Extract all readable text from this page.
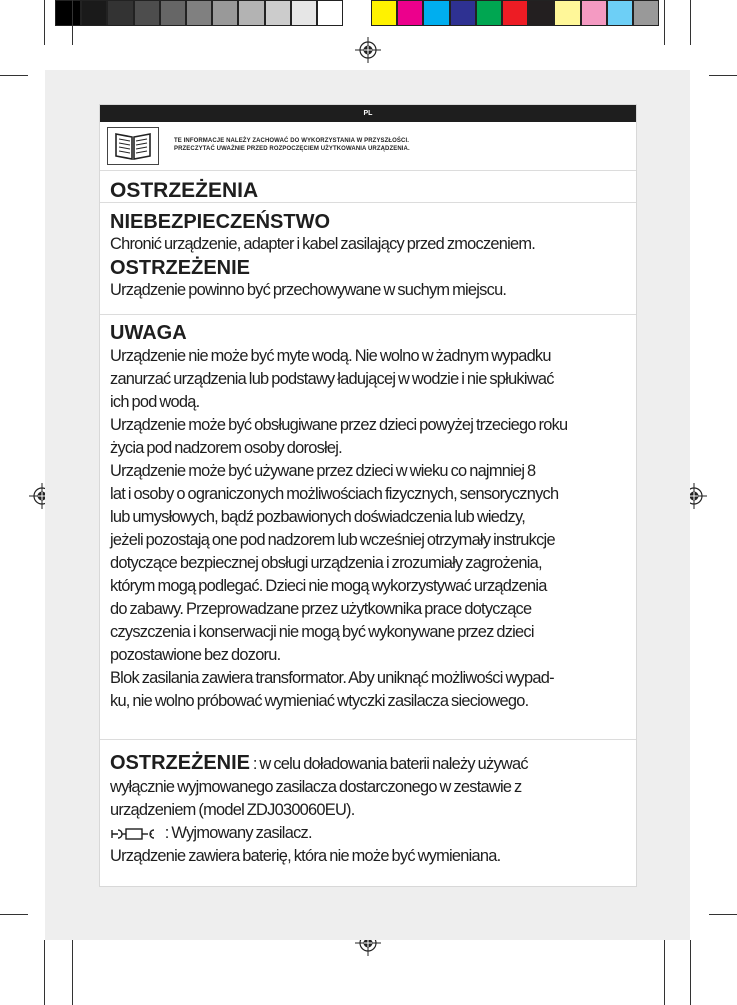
PL
TE INFORMACJE NALEŻY ZACHOWAĆ DO WYKORZYSTANIA W PRZYSZŁOŚCI.
PRZECZYTAĆ UWAŻNIE PRZED ROZPOCZĘCIEM UŻYTKOWANIA URZĄDZENIA.
OSTRZEŻENIA
NIEBEZPIECZEŃSTWO
Chronić urządzenie, adapter i kabel zasilający przed zmoczeniem.
OSTRZEŻENIE
Urządzenie powinno być przechowywane w suchym miejscu.
UWAGA

Urządzenie nie może być myte wodą. Nie wolno w żadnym wypadku

zanurzać urządzenia lub podstawy ładującej w wodzie i nie spłukiwać

ich pod wodą.

Urządzenie może być obsługiwane przez dzieci powyżej trzeciego roku

życia pod nadzorem osoby dorosłej.

Urządzenie może być używane przez dzieci w wieku co najmniej 8

lat i osoby o ograniczonych możliwościach fizycznych, sensorycznych

lub umysłowych, bądź pozbawionych doświadczenia lub wiedzy,

jeżeli pozostają one pod nadzorem lub wcześniej otrzymały instrukcje

dotyczące bezpiecznej obsługi urządzenia i zrozumiały zagrożenia,

którym mogą podlegać. Dzieci nie mogą wykorzystywać urządzenia

do zabawy. Przeprowadzane przez użytkownika prace dotyczące

czyszczenia i konserwacji nie mogą być wykonywane przez dzieci

pozostawione bez dozoru.

Blok zasilania zawiera transformator. Aby uniknąć możliwości wypad-

ku, nie wolno próbować wymieniać wtyczki zasilacza sieciowego.

OSTRZEŻENIE : w celu doładowania baterii należy używać

wyłącznie wyjmowanego zasilacza dostarczonego w zestawie z

urządzeniem (model ZDJ030060EU).

: Wyjmowany zasilacz.

Urządzenie zawiera baterię, która nie może być wymieniana.
